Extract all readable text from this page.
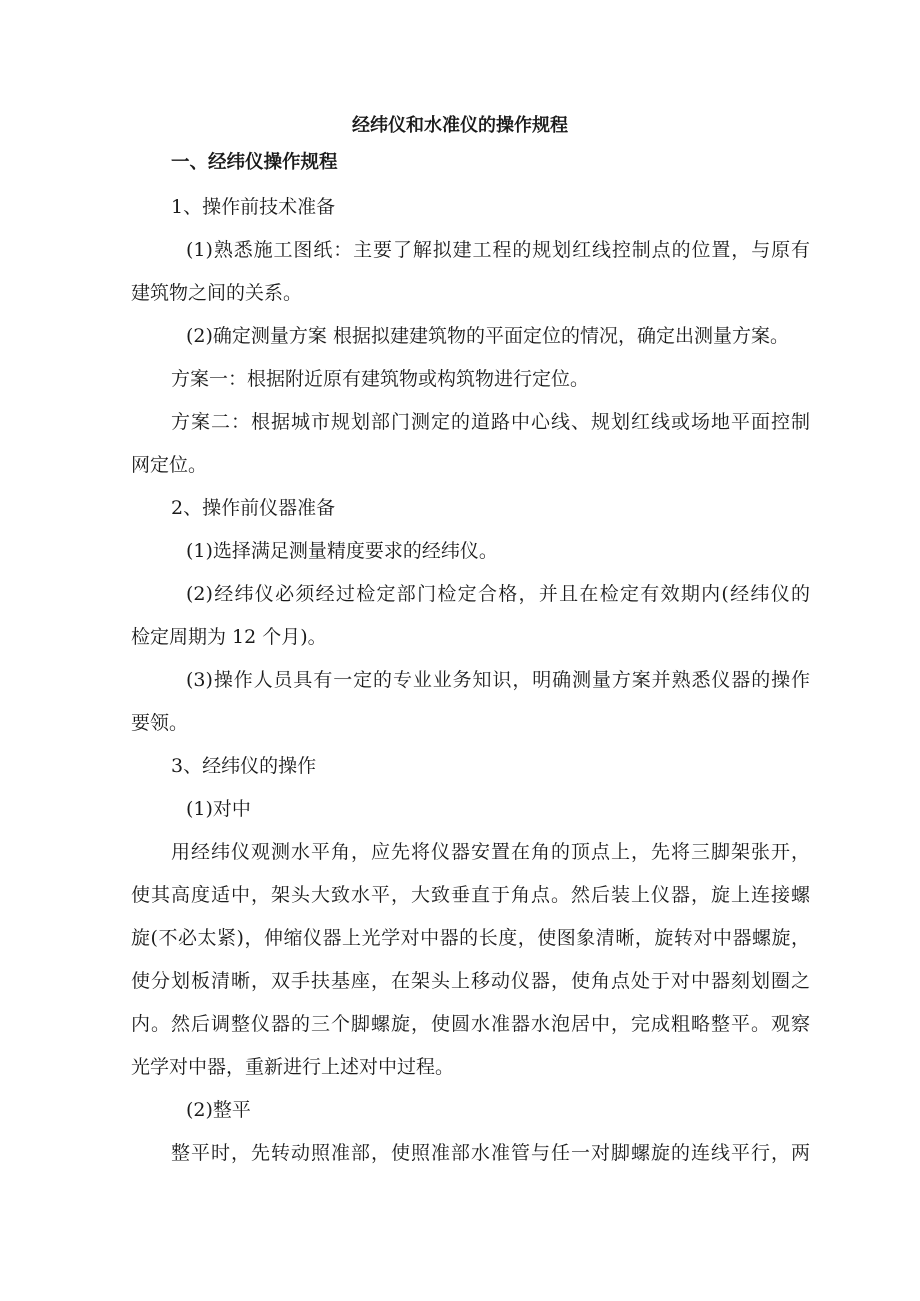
经纬仪和水准仪的操作规程
一、经纬仪操作规程

1、操作前技术准备

(1)熟悉施工图纸：主要了解拟建工程的规划红线控制点的位置，与原有

建筑物之间的关系。

(2)确定测量方案 根据拟建建筑物的平面定位的情况，确定出测量方案。

方案一：根据附近原有建筑物或构筑物进行定位。

方案二：根据城市规划部门测定的道路中心线、规划红线或场地平面控制

网定位。

2、操作前仪器准备

(1)选择满足测量精度要求的经纬仪。

(2)经纬仪必须经过检定部门检定合格，并且在检定有效期内(经纬仪的

检定周期为 12 个月)。

(3)操作人员具有一定的专业业务知识，明确测量方案并熟悉仪器的操作

要领。

3、经纬仪的操作

(1)对中

用经纬仪观测水平角，应先将仪器安置在角的顶点上，先将三脚架张开，

使其高度适中，架头大致水平，大致垂直于角点。然后装上仪器，旋上连接螺

旋(不必太紧)，伸缩仪器上光学对中器的长度，使图象清晰，旋转对中器螺旋，

使分划板清晰，双手扶基座，在架头上移动仪器，使角点处于对中器刻划圈之

内。然后调整仪器的三个脚螺旋，使圆水准器水泡居中，完成粗略整平。观察

光学对中器，重新进行上述对中过程。

(2)整平

整平时，先转动照准部，使照准部水准管与任一对脚螺旋的连线平行，两
